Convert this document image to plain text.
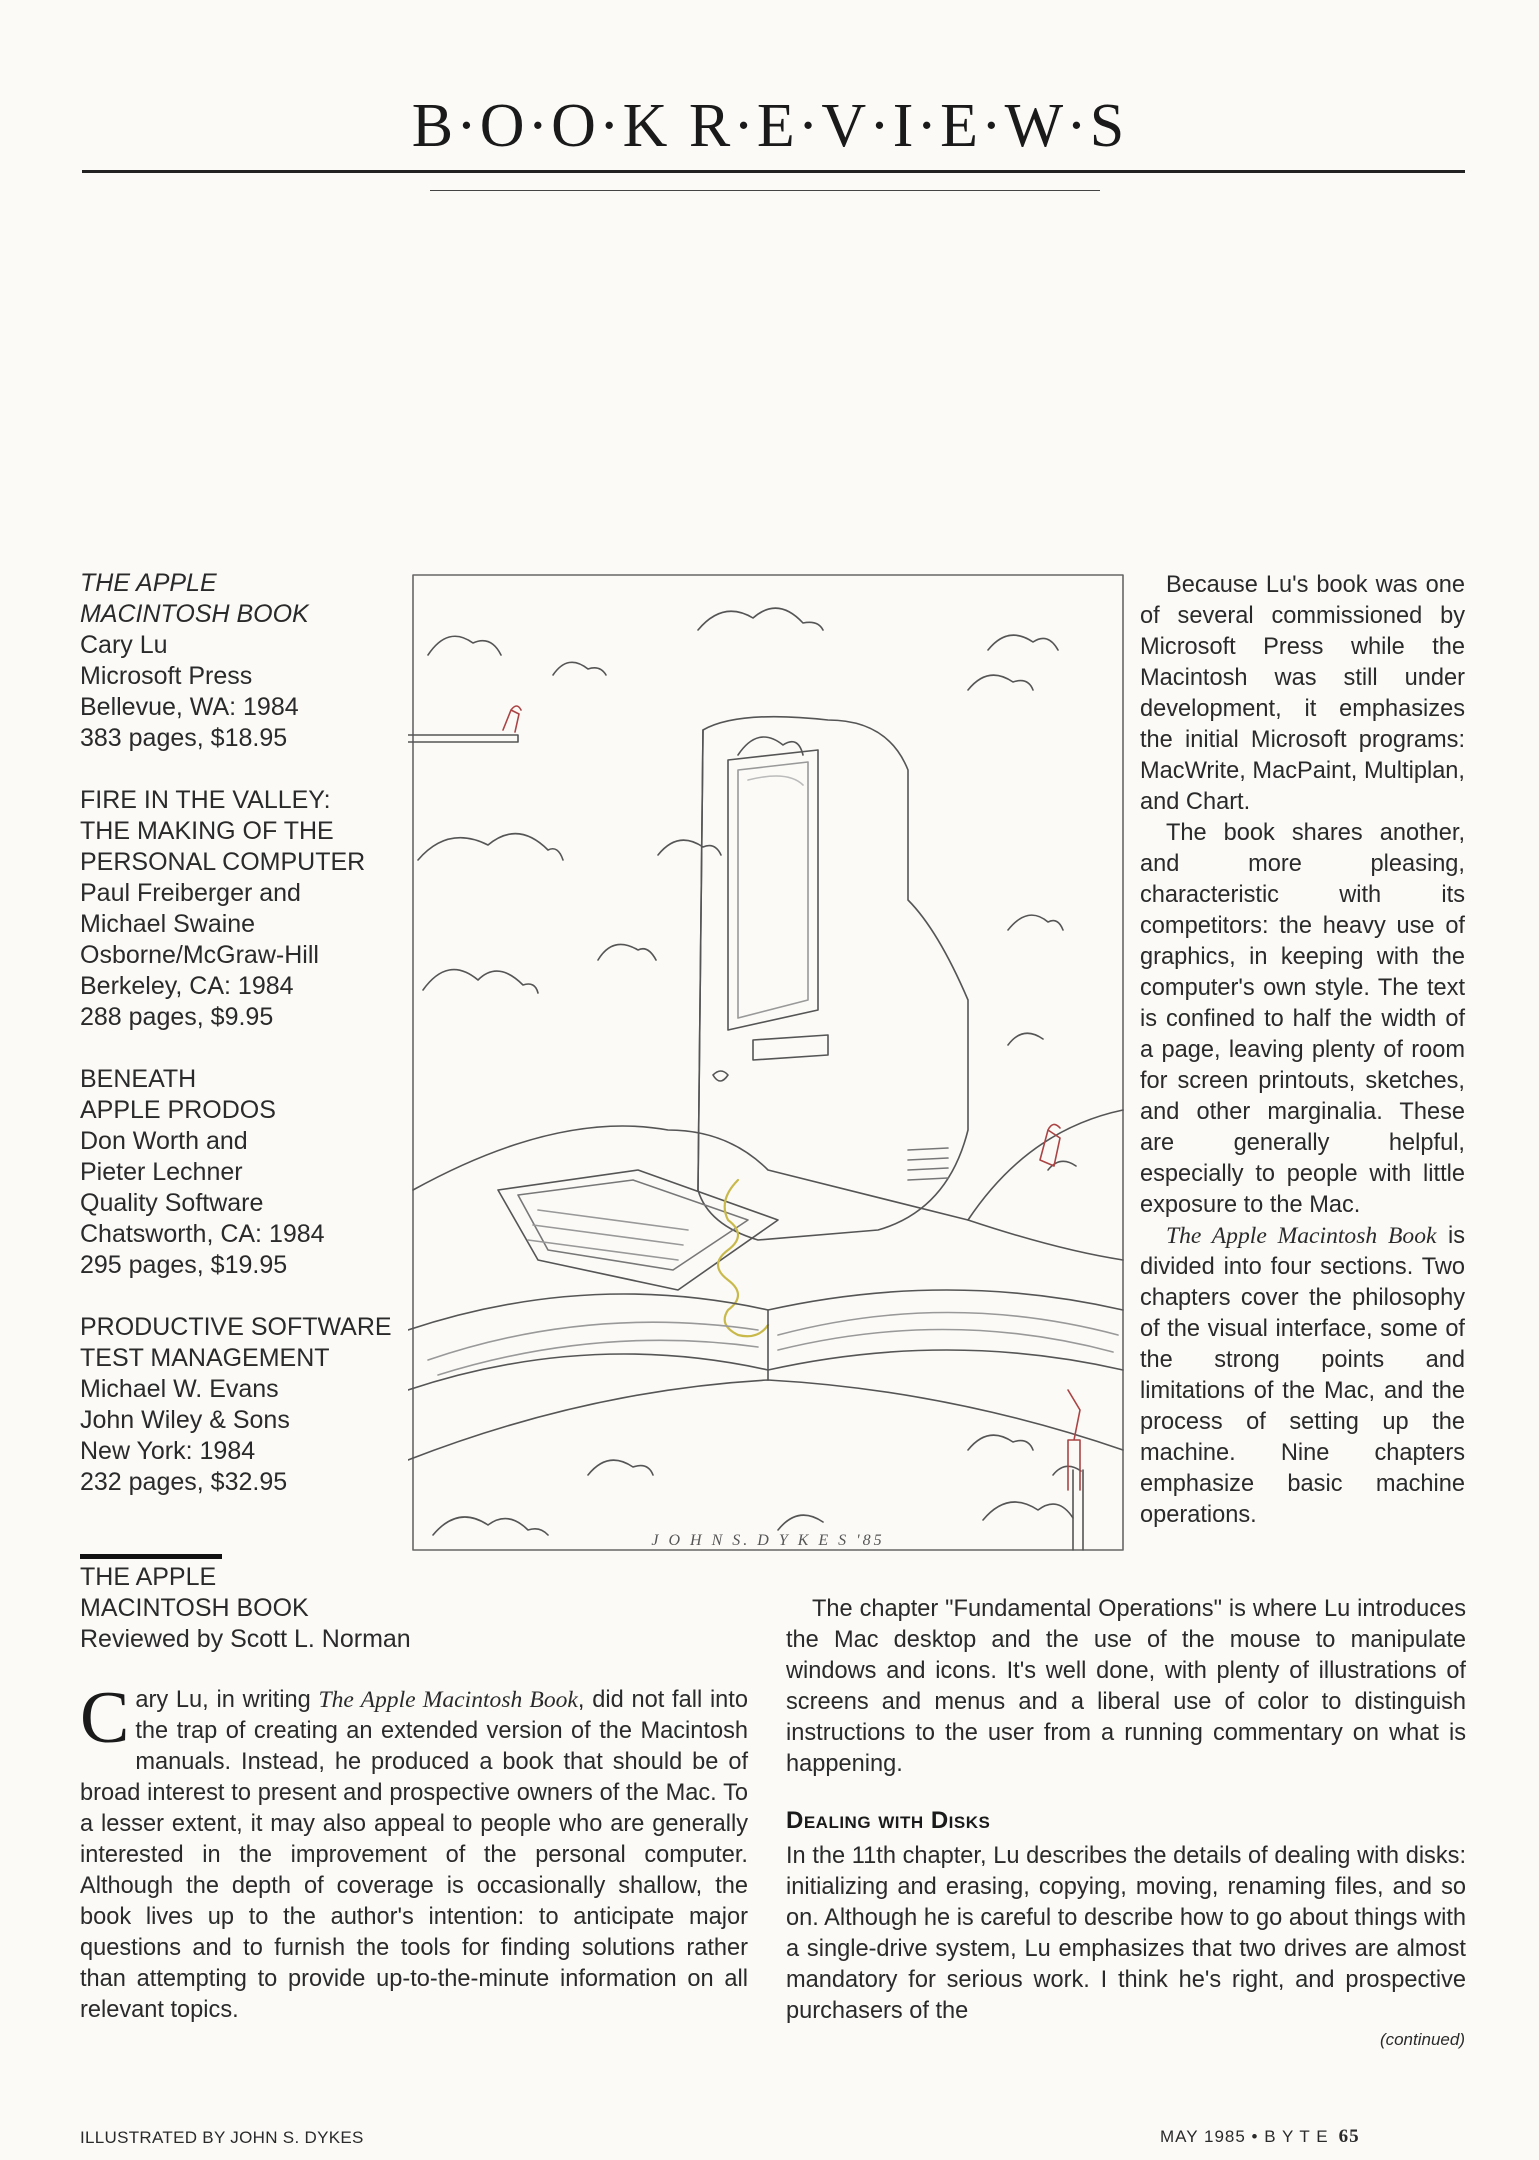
B·O·O·K R·E·V·I·E·W·S
THE APPLE
MACINTOSH BOOK
Cary Lu
Microsoft Press
Bellevue, WA: 1984
383 pages, $18.95
FIRE IN THE VALLEY:
THE MAKING OF THE
PERSONAL COMPUTER
Paul Freiberger and
Michael Swaine
Osborne/McGraw-Hill
Berkeley, CA: 1984
288 pages, $9.95
BENEATH
APPLE PRODOS
Don Worth and
Pieter Lechner
Quality Software
Chatsworth, CA: 1984
295 pages, $19.95
PRODUCTIVE SOFTWARE
TEST MANAGEMENT
Michael W. Evans
John Wiley & Sons
New York: 1984
232 pages, $32.95
J O H N S. D Y K E S '85
THE APPLE
MACINTOSH BOOK
Reviewed by Scott L. Norman

Cary Lu, in writing The Apple Macintosh Book, did not fall into the trap of creating an extended version of the Macintosh manuals. Instead, he produced a book that should be of broad interest to present and prospective owners of the Mac. To a lesser extent, it may also appeal to people who are generally interested in the improvement of the personal computer. Although the depth of coverage is occasionally shallow, the book lives up to the author's intention: to anticipate major questions and to furnish the tools for finding solutions rather than attempting to provide up-to-the-minute information on all relevant topics.

Because Lu's book was one of several commissioned by Microsoft Press while the Macintosh was still under development, it emphasizes the initial Microsoft programs: MacWrite, MacPaint, Multiplan, and Chart.

The book shares another, and more pleasing, characteristic with its competitors: the heavy use of graphics, in keeping with the computer's own style. The text is confined to half the width of a page, leaving plenty of room for screen printouts, sketches, and other marginalia. These are generally helpful, especially to people with little exposure to the Mac.

The Apple Macintosh Book is divided into four sections. Two chapters cover the philosophy of the visual interface, some of the strong points and limitations of the Mac, and the process of setting up the machine. Nine chapters emphasize basic machine operations.

The chapter "Fundamental Operations" is where Lu introduces the Mac desktop and the use of the mouse to manipulate windows and icons. It's well done, with plenty of illustrations of screens and menus and a liberal use of color to distinguish instructions to the user from a running commentary on what is happening.

Dealing with Disks

In the 11th chapter, Lu describes the details of dealing with disks: initializing and erasing, copying, moving, renaming files, and so on. Although he is careful to describe how to go about things with a single-drive system, Lu emphasizes that two drives are almost mandatory for serious work. I think he's right, and prospective purchasers of the

(continued)
ILLUSTRATED BY JOHN S. DYKES	MAY 1985 • B Y T E 65
